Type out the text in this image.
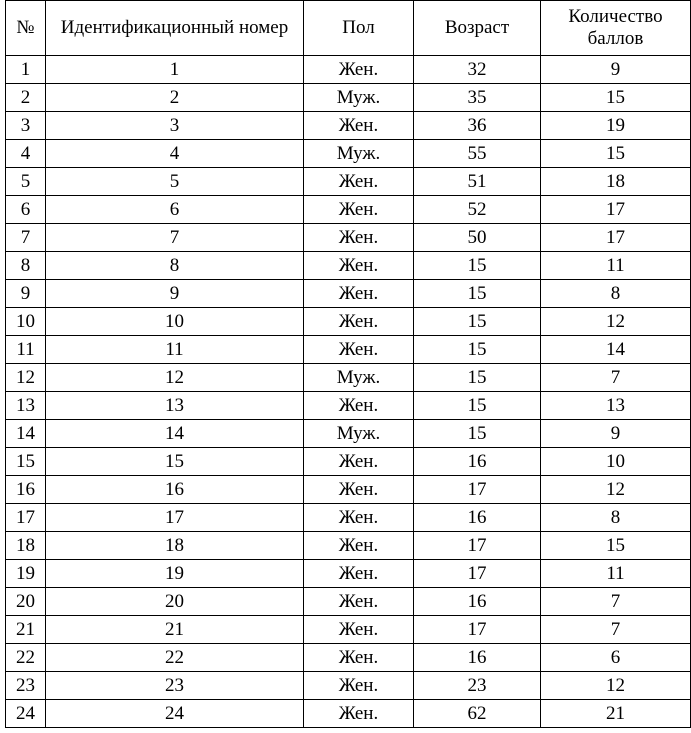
№	Идентификационный номер	Пол	Возраст	Количество баллов
1	1	Жен.	32	9
2	2	Муж.	35	15
3	3	Жен.	36	19
4	4	Муж.	55	15
5	5	Жен.	51	18
6	6	Жен.	52	17
7	7	Жен.	50	17
8	8	Жен.	15	11
9	9	Жен.	15	8
10	10	Жен.	15	12
11	11	Жен.	15	14
12	12	Муж.	15	7
13	13	Жен.	15	13
14	14	Муж.	15	9
15	15	Жен.	16	10
16	16	Жен.	17	12
17	17	Жен.	16	8
18	18	Жен.	17	15
19	19	Жен.	17	11
20	20	Жен.	16	7
21	21	Жен.	17	7
22	22	Жен.	16	6
23	23	Жен.	23	12
24	24	Жен.	62	21
